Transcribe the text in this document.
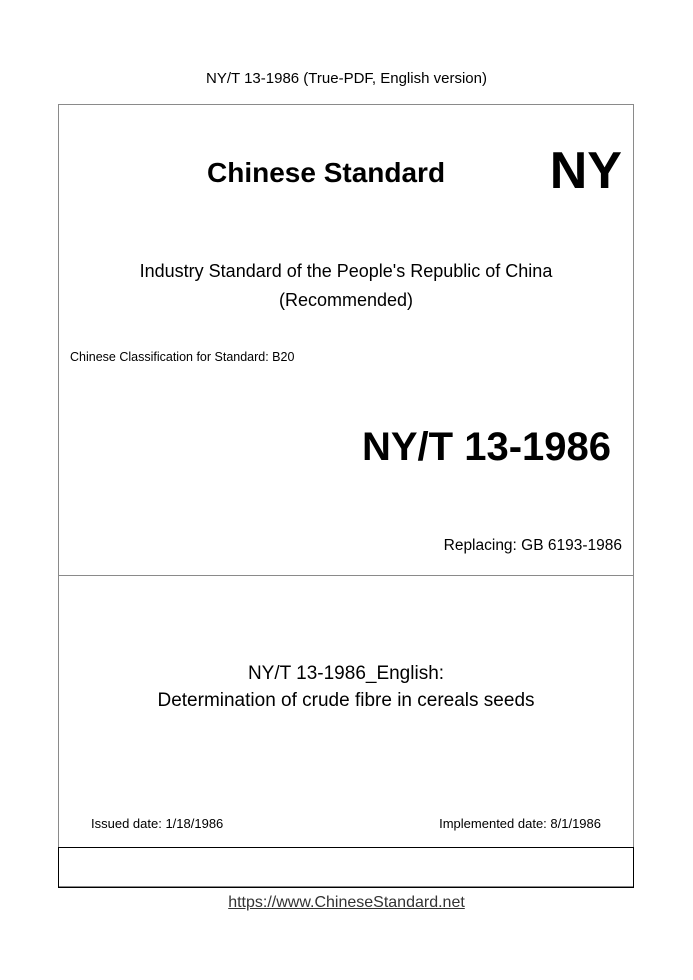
NY/T 13-1986 (True-PDF, English version)
Chinese Standard NY
Industry Standard of the People's Republic of China
(Recommended)
Chinese Classification for Standard: B20
NY/T 13-1986
Replacing: GB 6193-1986
NY/T 13-1986_English:
Determination of crude fibre in cereals seeds
Issued date: 1/18/1986	Implemented date: 8/1/1986
https://www.ChineseStandard.net
